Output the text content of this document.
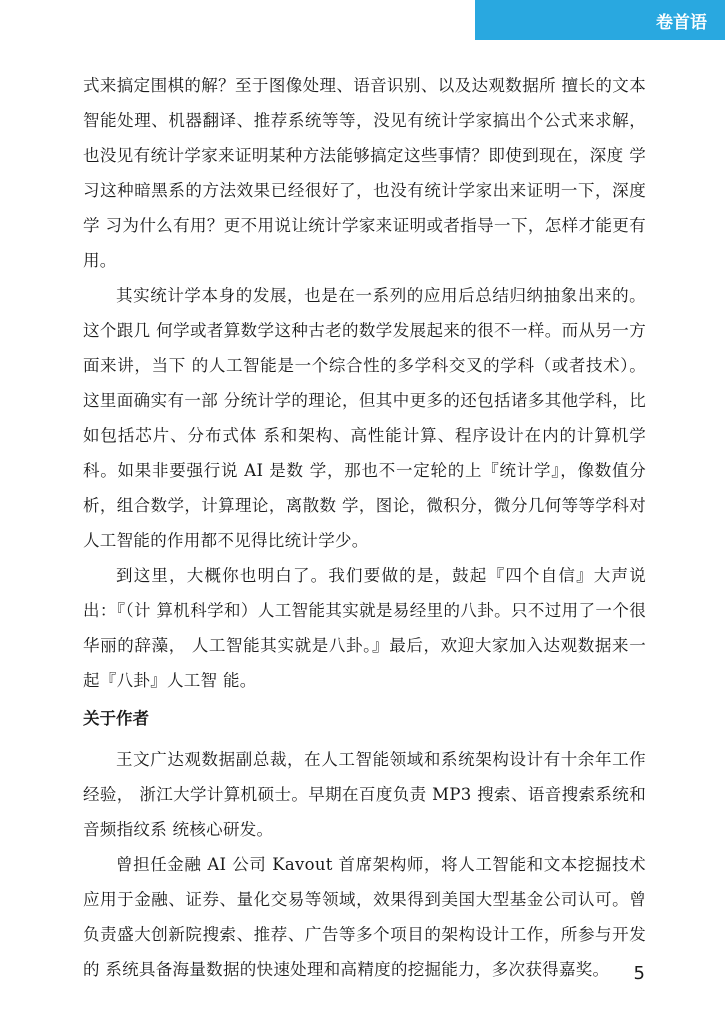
卷首语

式来搞定围棋的解？至于图像处理、语音识别、以及达观数据所 擅长的文本智能处理、机器翻译、推荐系统等等，没见有统计学家搞出个公式来求解，也没见有统计学家来证明某种方法能够搞定这些事情？即使到现在，深度 学习这种暗黑系的方法效果已经很好了，也没有统计学家出来证明一下，深度学 习为什么有用？更不用说让统计学家来证明或者指导一下，怎样才能更有用。

其实统计学本身的发展，也是在一系列的应用后总结归纳抽象出来的。这个跟几 何学或者算数学这种古老的数学发展起来的很不一样。而从另一方面来讲，当下 的人工智能是一个综合性的多学科交叉的学科（或者技术）。这里面确实有一部 分统计学的理论，但其中更多的还包括诸多其他学科，比如包括芯片、分布式体 系和架构、高性能计算、程序设计在内的计算机学科。如果非要强行说 AI 是数 学，那也不一定轮的上『统计学』，像数值分析，组合数学，计算理论，离散数 学，图论，微积分，微分几何等等学科对人工智能的作用都不见得比统计学少。

到这里，大概你也明白了。我们要做的是，鼓起『四个自信』大声说出：『（计 算机科学和）人工智能其实就是易经里的八卦。只不过用了一个很华丽的辞藻， 人工智能其实就是八卦。』最后，欢迎大家加入达观数据来一起『八卦』人工智 能。

关于作者

王文广达观数据副总裁，在人工智能领域和系统架构设计有十余年工作经验， 浙江大学计算机硕士。早期在百度负责 MP3 搜索、语音搜索系统和音频指纹系 统核心研发。

曾担任金融 AI 公司 Kavout 首席架构师，将人工智能和文本挖掘技术应用于金融、证券、量化交易等领域，效果得到美国大型基金公司认可。曾负责盛大创新院搜索、推荐、广告等多个项目的架构设计工作，所参与开发的 系统具备海量数据的快速处理和高精度的挖掘能力，多次获得嘉奖。	5
